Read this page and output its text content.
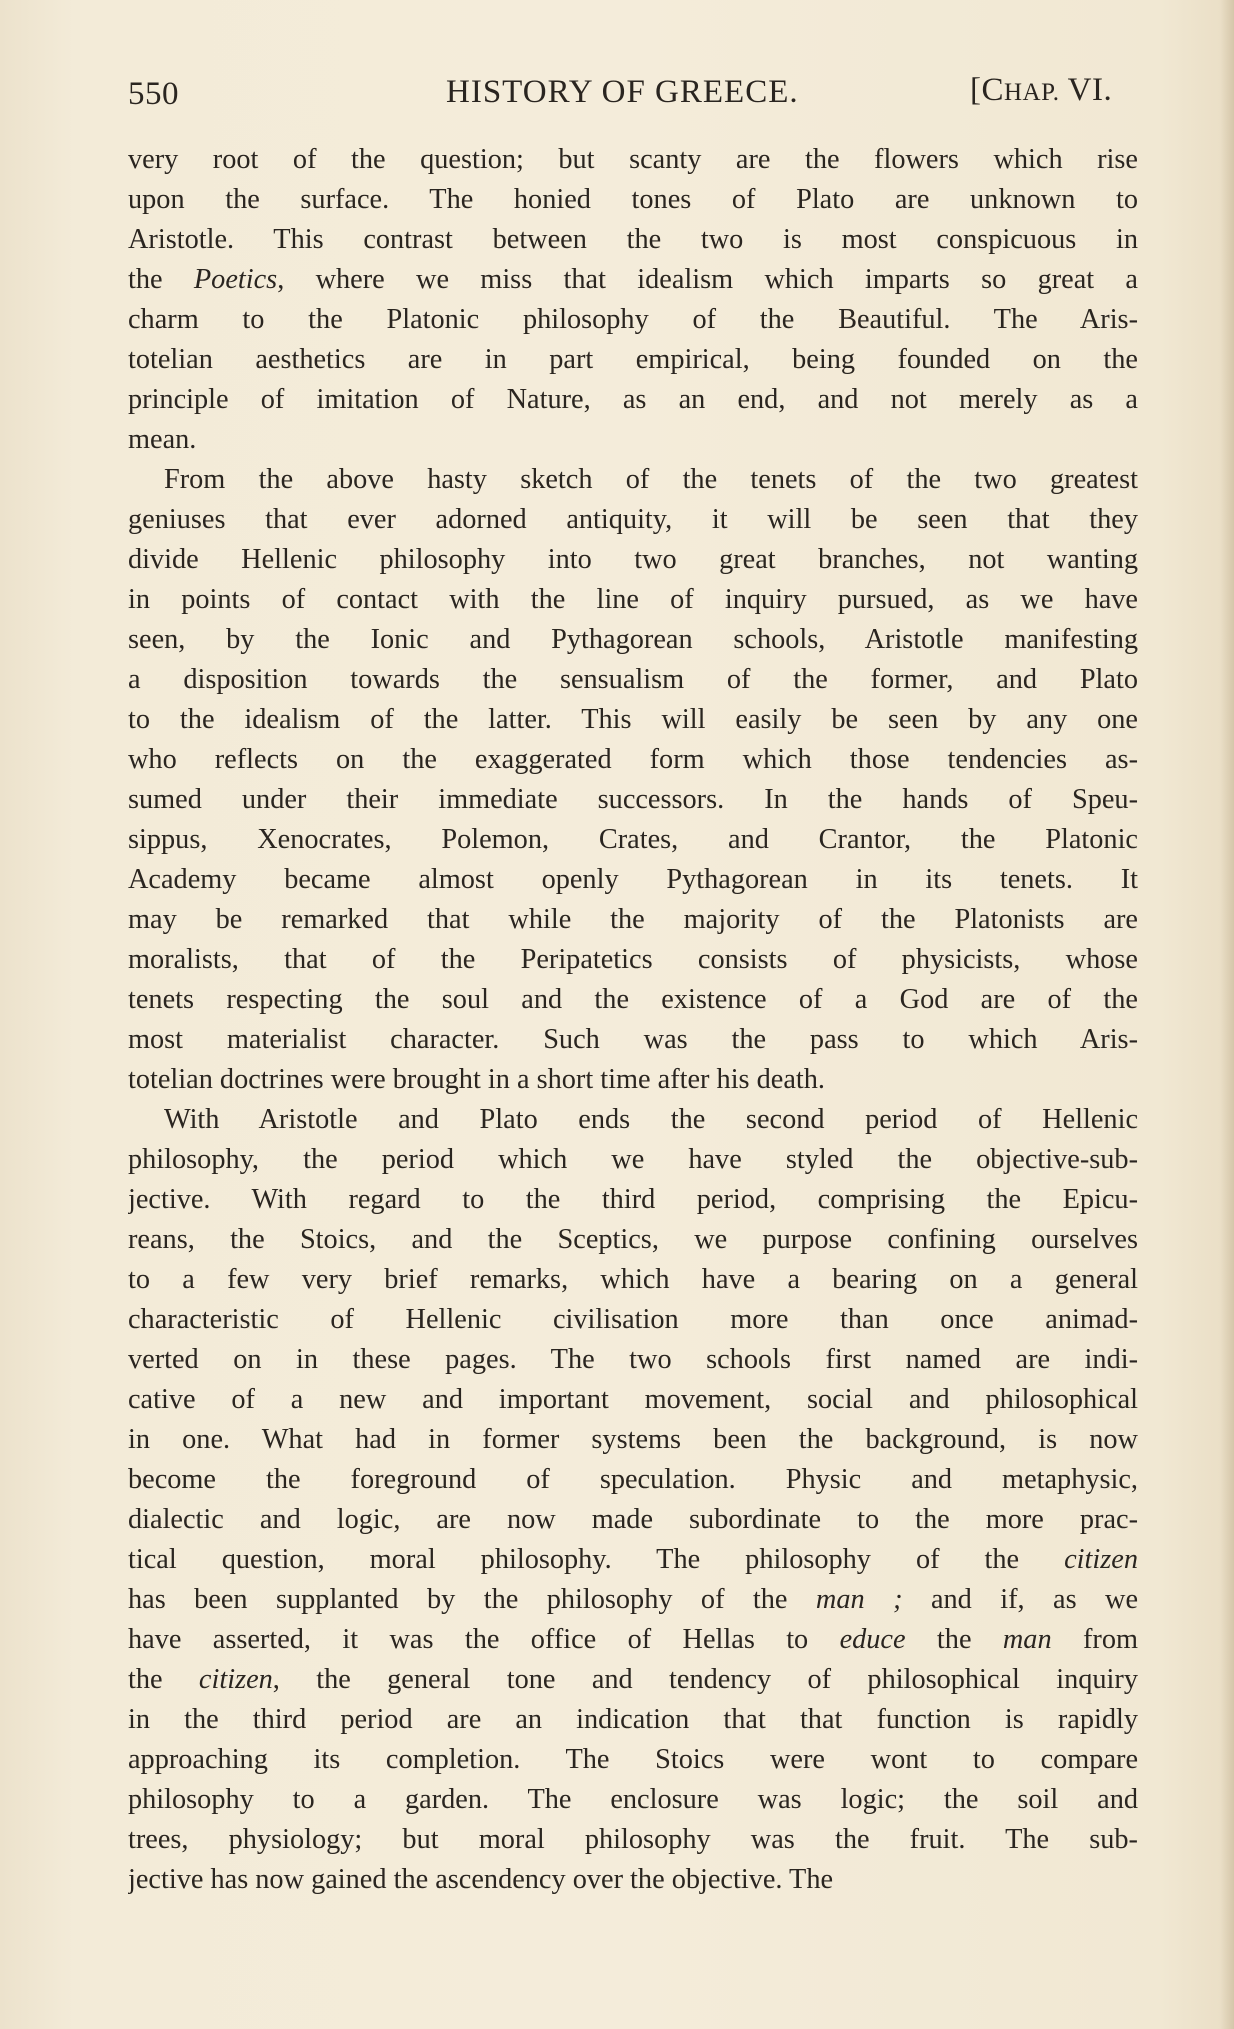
550	HISTORY OF GREECE.	[CHAP. VI.
very root of the question; but scanty are the flowers which rise
upon the surface. The honied tones of Plato are unknown to
Aristotle. This contrast between the two is most conspicuous in
the Poetics, where we miss that idealism which imparts so great a
charm to the Platonic philosophy of the Beautiful. The Aris-
totelian aesthetics are in part empirical, being founded on the
principle of imitation of Nature, as an end, and not merely as a
mean.
From the above hasty sketch of the tenets of the two greatest
geniuses that ever adorned antiquity, it will be seen that they
divide Hellenic philosophy into two great branches, not wanting
in points of contact with the line of inquiry pursued, as we have
seen, by the Ionic and Pythagorean schools, Aristotle manifesting
a disposition towards the sensualism of the former, and Plato
to the idealism of the latter. This will easily be seen by any one
who reflects on the exaggerated form which those tendencies as-
sumed under their immediate successors. In the hands of Speu-
sippus, Xenocrates, Polemon, Crates, and Crantor, the Platonic
Academy became almost openly Pythagorean in its tenets. It
may be remarked that while the majority of the Platonists are
moralists, that of the Peripatetics consists of physicists, whose
tenets respecting the soul and the existence of a God are of the
most materialist character. Such was the pass to which Aris-
totelian doctrines were brought in a short time after his death.
With Aristotle and Plato ends the second period of Hellenic
philosophy, the period which we have styled the objective-sub-
jective. With regard to the third period, comprising the Epicu-
reans, the Stoics, and the Sceptics, we purpose confining ourselves
to a few very brief remarks, which have a bearing on a general
characteristic of Hellenic civilisation more than once animad-
verted on in these pages. The two schools first named are indi-
cative of a new and important movement, social and philosophical
in one. What had in former systems been the background, is now
become the foreground of speculation. Physic and metaphysic,
dialectic and logic, are now made subordinate to the more prac-
tical question, moral philosophy. The philosophy of the citizen
has been supplanted by the philosophy of the man ; and if, as we
have asserted, it was the office of Hellas to educe the man from
the citizen, the general tone and tendency of philosophical inquiry
in the third period are an indication that that function is rapidly
approaching its completion. The Stoics were wont to compare
philosophy to a garden. The enclosure was logic; the soil and
trees, physiology; but moral philosophy was the fruit. The sub-
jective has now gained the ascendency over the objective. The
